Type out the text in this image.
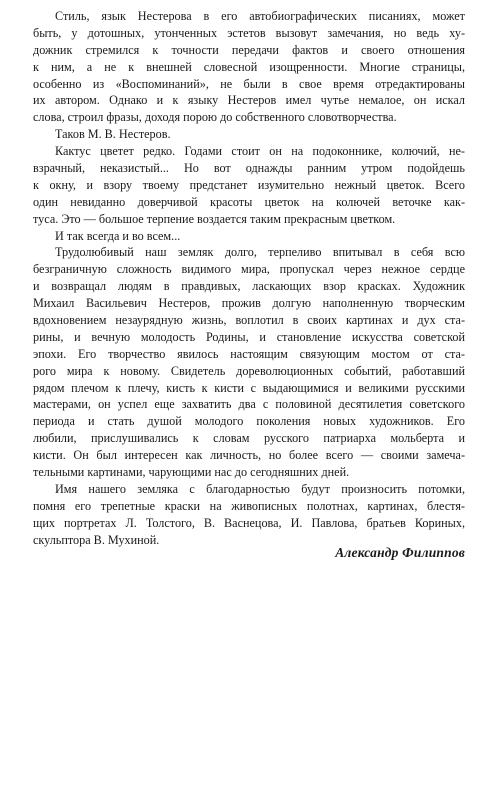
Стиль, язык Нестерова в его автобиографических писаниях, может
быть, у дотошных, утонченных эстетов вызовут замечания, но ведь ху-
дожник стремился к точности передачи фактов и своего отношения
к ним, а не к внешней словесной изощренности. Многие страницы,
особенно из «Воспоминаний», не были в свое время отредактированы
их автором. Однако и к языку Нестеров имел чутье немалое, он искал
слова, строил фразы, доходя порою до собственного словотворчества.
Таков М. В. Нестеров.
Кактус цветет редко. Годами стоит он на подоконнике, колючий, не-
взрачный, неказистый... Но вот однажды ранним утром подойдешь
к окну, и взору твоему предстанет изумительно нежный цветок. Всего
один невиданно доверчивой красоты цветок на колючей веточке как-
туса. Это — большое терпение воздается таким прекрасным цветком.
И так всегда и во всем...
Трудолюбивый наш земляк долго, терпеливо впитывал в себя всю
безграничную сложность видимого мира, пропускал через нежное сердце
и возвращал людям в правдивых, ласкающих взор красках. Художник
Михаил Васильевич Нестеров, прожив долгую наполненную творческим
вдохновением незаурядную жизнь, воплотил в своих картинах и дух ста-
рины, и вечную молодость Родины, и становление искусства советской
эпохи. Его творчество явилось настоящим связующим мостом от ста-
рого мира к новому. Свидетель дореволюционных событий, работавший
рядом плечом к плечу, кисть к кисти с выдающимися и великими русскими
мастерами, он успел еще захватить два с половиной десятилетия советского
периода и стать душой молодого поколения новых художников. Его
любили, прислушивались к словам русского патриарха мольберта и
кисти. Он был интересен как личность, но более всего — своими замеча-
тельными картинами, чарующими нас до сегодняшних дней.
Имя нашего земляка с благодарностью будут произносить потомки,
помня его трепетные краски на живописных полотнах, картинах, блестя-
щих портретах Л. Толстого, В. Васнецова, И. Павлова, братьев Кориных,
скульптора В. Мухиной.
Александр Филиппов
